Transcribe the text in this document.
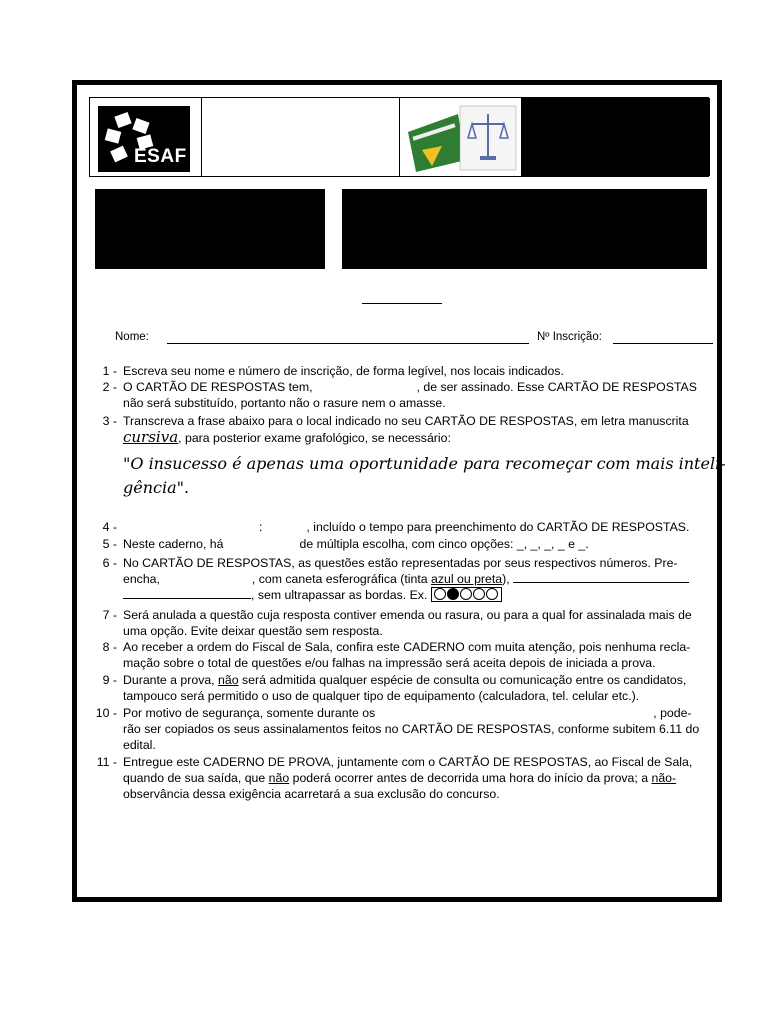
ESAF
Nome:	Nº Inscrição:
1 - Escreva seu nome e número de inscrição, de forma legível, nos locais indicados.
2 - O CARTÃO DE RESPOSTAS tem,	, de ser assinado. Esse CARTÃO DE RESPOSTAS
não será substituído, portanto não o rasure nem o amasse.
3 - Transcreva a frase abaixo para o local indicado no seu CARTÃO DE RESPOSTAS, em letra manuscrita
cursiva, para posterior exame grafológico, se necessário:
"O insucesso é apenas uma oportunidade para recomeçar com mais inteli-
gência".
4 -	:	, incluído o tempo para preenchimento do CARTÃO DE RESPOSTAS.
5 - Neste caderno, há	de múltipla escolha, com cinco opções: _, _, _, _ e _.
6 - No CARTÃO DE RESPOSTAS, as questões estão representadas por seus respectivos números. Pre-
encha,	, com caneta esferográfica (tinta azul ou preta),
, sem ultrapassar as bordas. Ex.
7 - Será anulada a questão cuja resposta contiver emenda ou rasura, ou para a qual for assinalada mais de
uma opção. Evite deixar questão sem resposta.
8 - Ao receber a ordem do Fiscal de Sala, confira este CADERNO com muita atenção, pois nenhuma recla-
mação sobre o total de questões e/ou falhas na impressão será aceita depois de iniciada a prova.
9 - Durante a prova, não será admitida qualquer espécie de consulta ou comunicação entre os candidatos,
tampouco será permitido o uso de qualquer tipo de equipamento (calculadora, tel. celular etc.).
10 - Por motivo de segurança, somente durante os	, pode-
rão ser copiados os seus assinalamentos feitos no CARTÃO DE RESPOSTAS, conforme subitem 6.11 do
edital.
11 - Entregue este CADERNO DE PROVA, juntamente com o CARTÃO DE RESPOSTAS, ao Fiscal de Sala,
quando de sua saída, que não poderá ocorrer antes de decorrida uma hora do início da prova; a não-
observância dessa exigência acarretará a sua exclusão do concurso.
